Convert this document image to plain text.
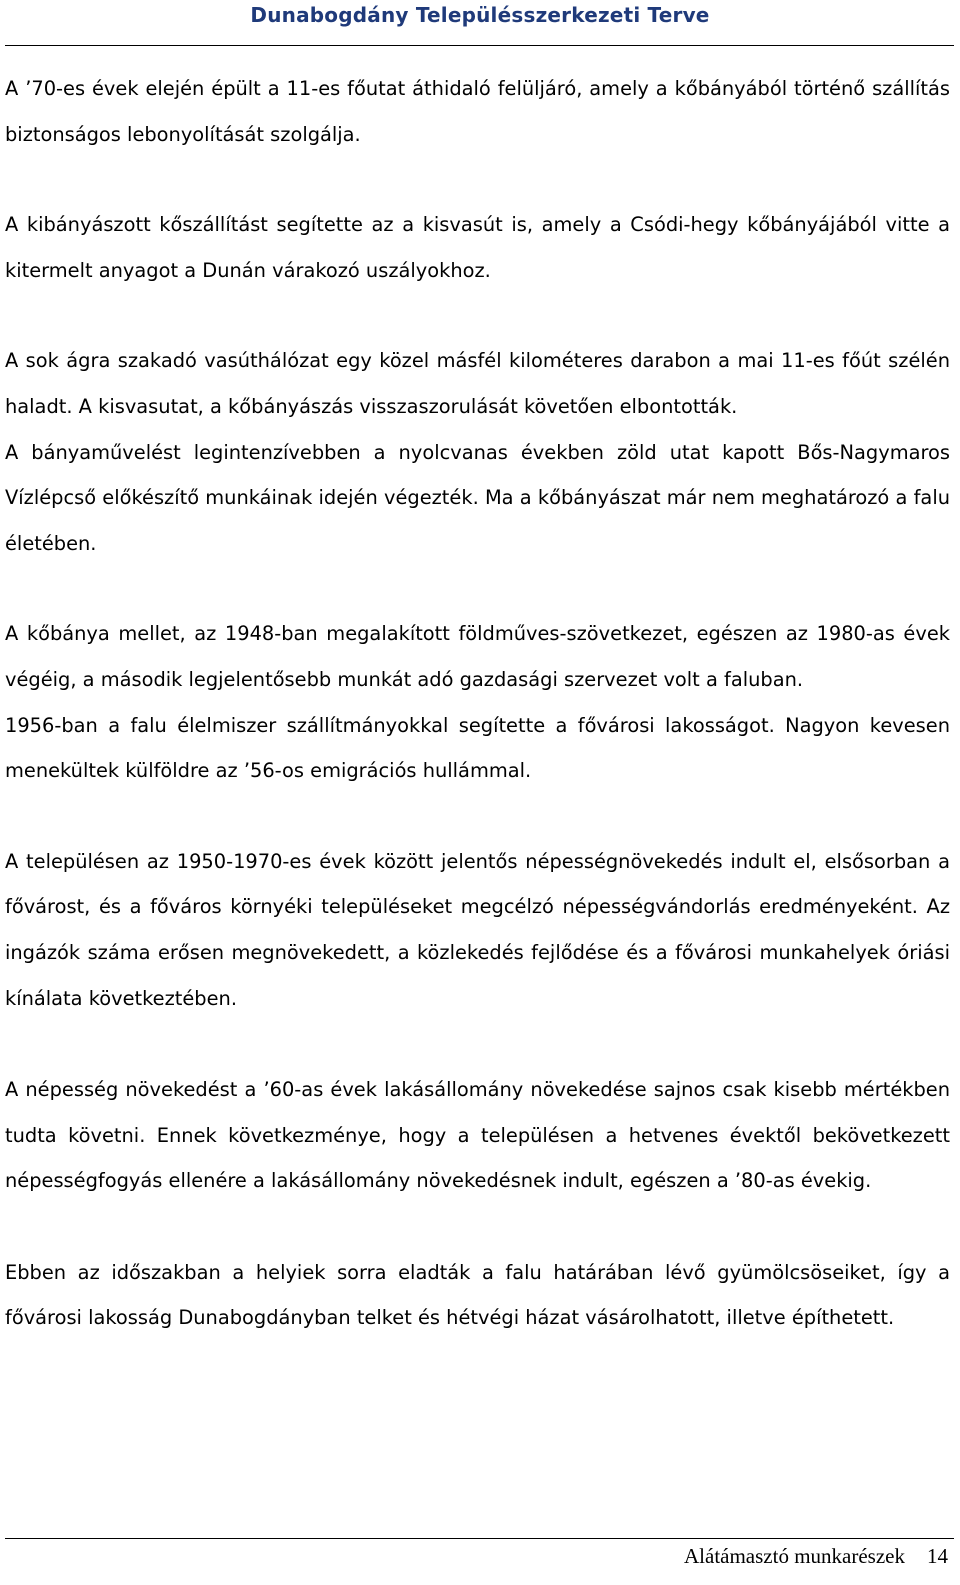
Dunabogdány Településszerkezeti Terve

A ’70-es évek elején épült a 11-es főutat áthidaló felüljáró, amely a kőbányából történő szállítás biztonságos lebonyolítását szolgálja.

A kibányászott kőszállítást segítette az a kisvasút is, amely a Csódi-hegy kőbányájából vitte a kitermelt anyagot a Dunán várakozó uszályokhoz.

A sok ágra szakadó vasúthálózat egy közel másfél kilométeres darabon a mai 11-es főút szélén haladt. A kisvasutat, a kőbányászás visszaszorulását követően elbontották.

A bányaművelést legintenzívebben a nyolcvanas években zöld utat kapott Bős-Nagymaros Vízlépcső előkészítő munkáinak idején végezték. Ma a kőbányászat már nem meghatározó a falu életében.

A kőbánya mellet, az 1948-ban megalakított földműves-szövetkezet, egészen az 1980-as évek végéig, a második legjelentősebb munkát adó gazdasági szervezet volt a faluban.

1956-ban a falu élelmiszer szállítmányokkal segítette a fővárosi lakosságot. Nagyon kevesen menekültek külföldre az ’56-os emigrációs hullámmal.

A településen az 1950-1970-es évek között jelentős népességnövekedés indult el, elsősorban a fővárost, és a főváros környéki településeket megcélzó népességvándorlás eredményeként. Az ingázók száma erősen megnövekedett, a közlekedés fejlődése és a fővárosi munkahelyek óriási kínálata következtében.

A népesség növekedést a ’60-as évek lakásállomány növekedése sajnos csak kisebb mértékben tudta követni. Ennek következménye, hogy a településen a hetvenes évektől bekövetkezett népességfogyás ellenére a lakásállomány növekedésnek indult, egészen a ’80-as évekig.

Ebben az időszakban a helyiek sorra eladták a falu határában lévő gyümölcsöseiket, így a fővárosi lakosság Dunabogdányban telket és hétvégi házat vásárolhatott, illetve építhetett.

Alátámasztó munkarészek 14
